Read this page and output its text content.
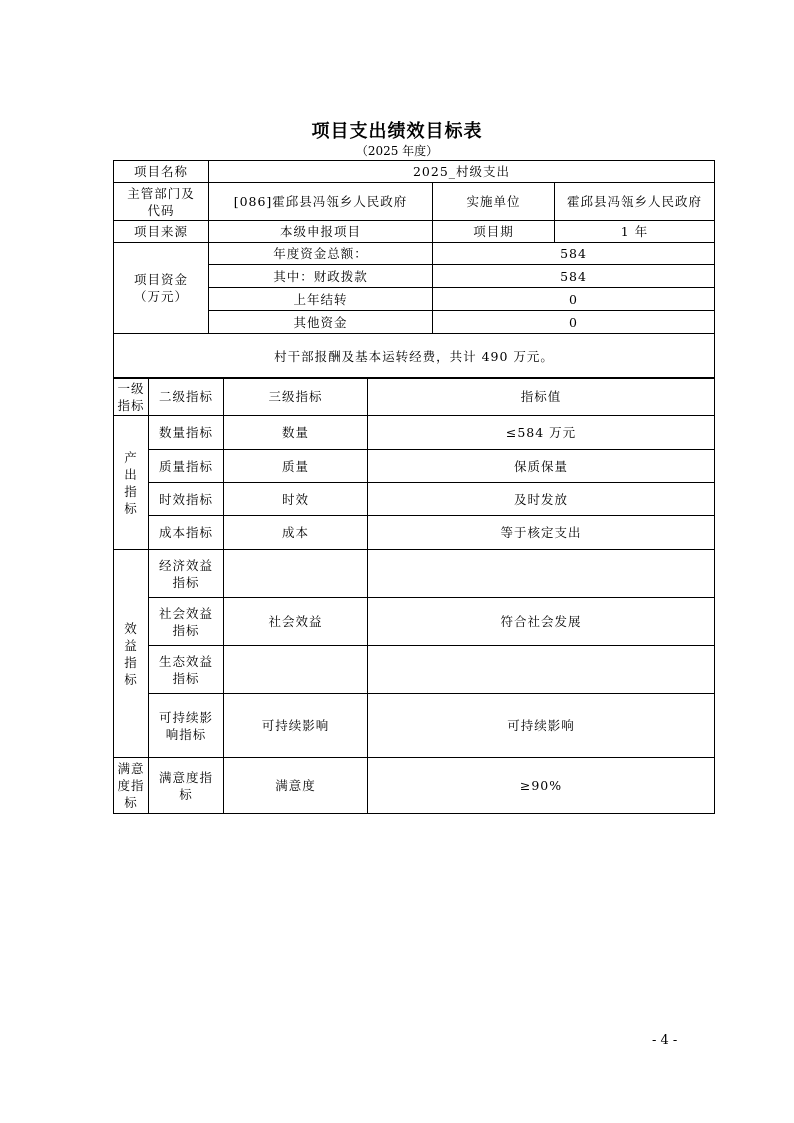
项目支出绩效目标表
（2025 年度）
项目名称	2025_村级支出		
主管部门及代码	[086]霍邱县冯瓴乡人民政府	实施单位	霍邱县冯瓴乡人民政府
项目来源	本级申报项目	项目期	1 年
项目资金（万元）	年度资金总额：	584	
	其中：财政拨款	584	
	上年结转	0	
	其他资金	0	
村干部报酬及基本运转经费，共计 490 万元。			
一级指标	二级指标	三级指标	指标值
产出指标	数量指标	数量	≤584 万元
	质量指标	质量	保质保量
	时效指标	时效	及时发放
	成本指标	成本	等于核定支出
效益指标	经济效益指标		
	社会效益指标	社会效益	符合社会发展
	生态效益指标		
	可持续影响指标	可持续影响	可持续影响
满意度指标	满意度指标	满意度	≥90%
- 4 -
